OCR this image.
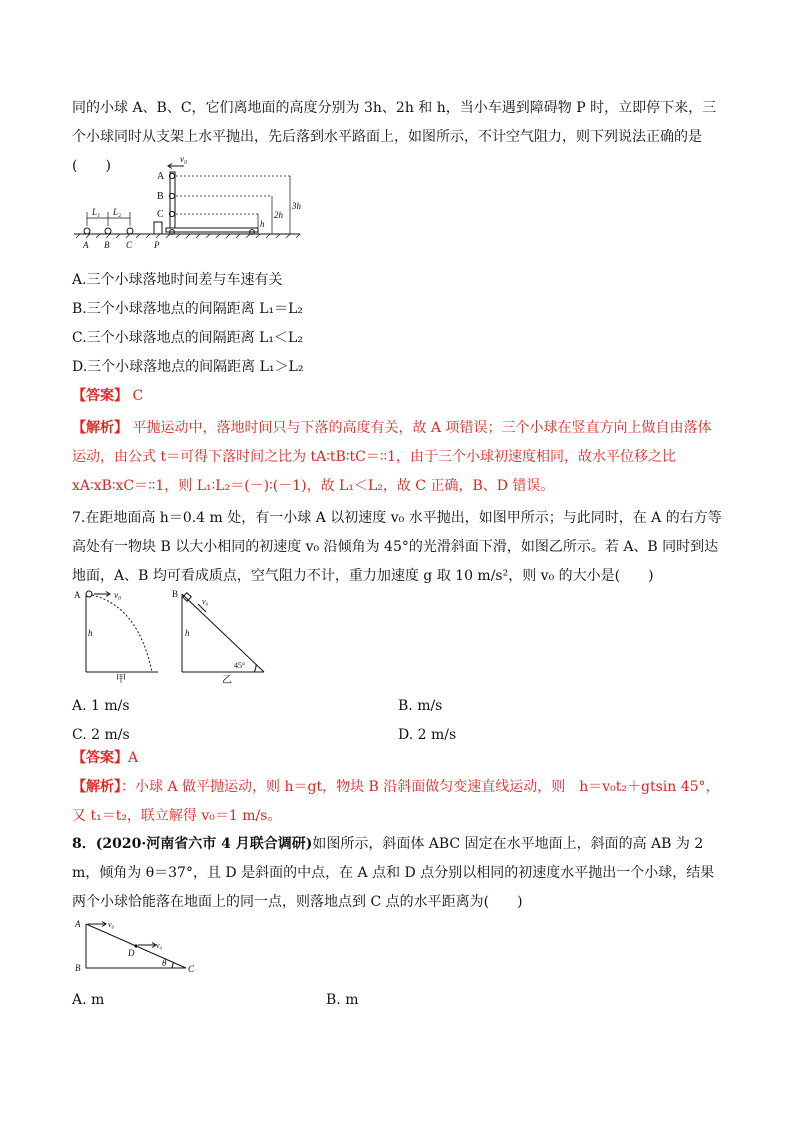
同的小球 A、B、C，它们离地面的高度分别为 3h、2h 和 h，当小车遇到障碍物 P 时，立即停下来，三个小球同时从支架上水平抛出，先后落到水平路面上，如图所示，不计空气阻力，则下列说法正确的是(　　)	v₀
A
B
C
L₁ L₂
A B C P
3h
2h
h
A.三个小球落地时间差与车速有关
B.三个小球落地点的间隔距离 L₁＝L₂
C.三个小球落地点的间隔距离 L₁＜L₂
D.三个小球落地点的间隔距离 L₁＞L₂
【答案】 C
【解析】 平抛运动中，落地时间只与下落的高度有关，故 A 项错误；三个小球在竖直方向上做自由落体运动，由公式 t＝可得下落时间之比为 tA∶tB∶tC＝∶∶1，由于三个小球初速度相同，故水平位移之比 xA∶xB∶xC＝∶∶1，则 L₁∶L₂＝(－)∶(－1)，故 L₁＜L₂，故 C 正确，B、D 错误。
7.在距地面高 h＝0.4 m 处，有一小球 A 以初速度 v₀ 水平抛出，如图甲所示；与此同时，在 A 的右方等高处有一物块 B 以大小相同的初速度 v₀ 沿倾角为 45°的光滑斜面下滑，如图乙所示。若 A、B 同时到达地面，A、B 均可看成质点，空气阻力不计，重力加速度 g 取 10 m/s²，则 v₀ 的大小是(　　)
A	v₀
h
甲
B
v₀
h
45°
乙
A. 1 m/s	B. m/s
C. 2 m/s	D. 2 m/s
【答案】A
【解析】：小球 A 做平抛运动，则 h＝gt，物块 B 沿斜面做匀变速直线运动，则　h＝v₀t₂＋gtsin 45°，又 t₁＝t₂，联立解得 v₀＝1 m/s。
8．(2020·河南省六市 4 月联合调研)如图所示，斜面体 ABC 固定在水平地面上，斜面的高 AB 为 2 m，倾角为 θ＝37°，且 D 是斜面的中点，在 A 点和 D 点分别以相同的初速度水平抛出一个小球，结果两个小球恰能落在地面上的同一点，则落地点到 C 点的水平距离为(　　)
A	v₀
D
v₀
B	θ
C
A. m	B. m
